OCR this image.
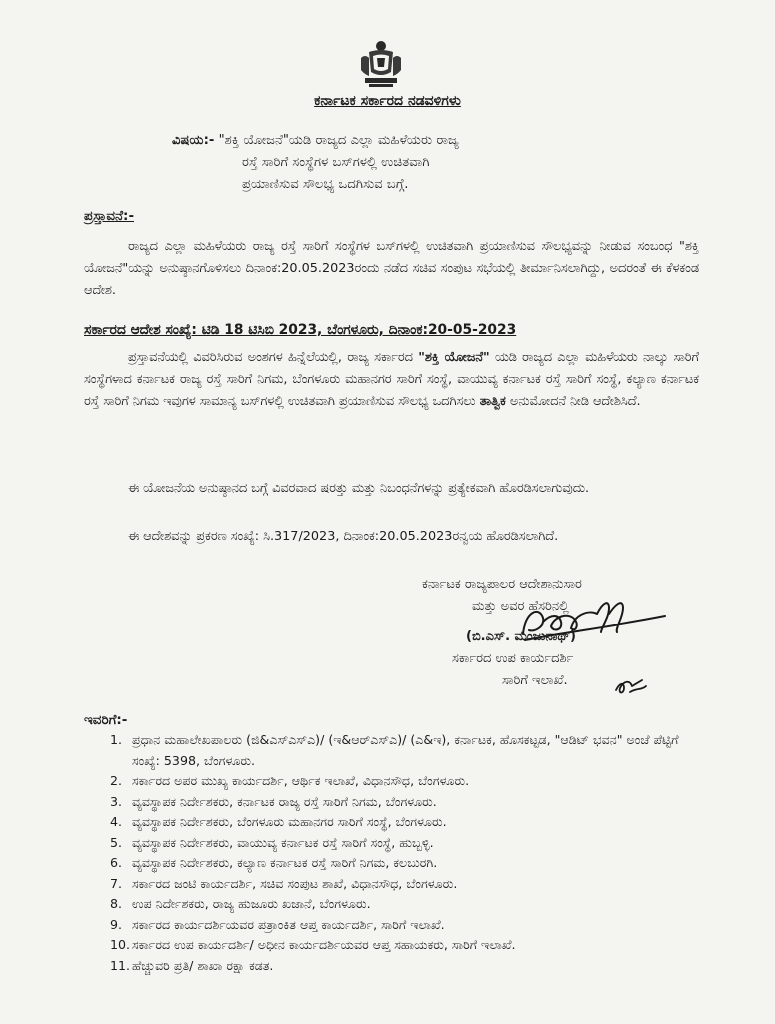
ಕರ್ನಾಟಕ ಸರ್ಕಾರದ ನಡವಳಿಗಳು
ವಿಷಯ:- "ಶಕ್ತಿ ಯೋಜನೆ"ಯಡಿ ರಾಜ್ಯದ ಎಲ್ಲಾ ಮಹಿಳೆಯರು ರಾಜ್ಯ
ರಸ್ತೆ ಸಾರಿಗೆ ಸಂಸ್ಥೆಗಳ ಬಸ್‌ಗಳಲ್ಲಿ ಉಚಿತವಾಗಿ
ಪ್ರಯಾಣಿಸುವ ಸೌಲಭ್ಯ ಒದಗಿಸುವ ಬಗ್ಗೆ.
ಪ್ರಸ್ತಾವನೆ:-
ರಾಜ್ಯದ ಎಲ್ಲಾ ಮಹಿಳೆಯರು ರಾಜ್ಯ ರಸ್ತೆ ಸಾರಿಗೆ ಸಂಸ್ಥೆಗಳ ಬಸ್‌ಗಳಲ್ಲಿ ಉಚಿತವಾಗಿ ಪ್ರಯಾಣಿಸುವ ಸೌಲಭ್ಯವನ್ನು ನೀಡುವ ಸಂಬಂಧ "ಶಕ್ತಿ ಯೋಜನೆ"ಯನ್ನು ಅನುಷ್ಠಾನಗೊಳಿಸಲು ದಿನಾಂಕ:20.05.2023ರಂದು ನಡೆದ ಸಚಿವ ಸಂಪುಟ ಸಭೆಯಲ್ಲಿ ತೀರ್ಮಾನಿಸಲಾಗಿದ್ದು, ಅದರಂತೆ ಈ ಕೆಳಕಂಡ ಆದೇಶ.
ಸರ್ಕಾರದ ಆದೇಶ ಸಂಖ್ಯೆ: ಟಿಡಿ 18 ಟಿಸಿಬಿ 2023, ಬೆಂಗಳೂರು, ದಿನಾಂಕ:20-05-2023
ಪ್ರಸ್ತಾವನೆಯಲ್ಲಿ ವಿವರಿಸಿರುವ ಅಂಶಗಳ ಹಿನ್ನೆಲೆಯಲ್ಲಿ, ರಾಜ್ಯ ಸರ್ಕಾರದ "ಶಕ್ತಿ ಯೋಜನೆ" ಯಡಿ ರಾಜ್ಯದ ಎಲ್ಲಾ ಮಹಿಳೆಯರು ನಾಲ್ಕು ಸಾರಿಗೆ ಸಂಸ್ಥೆಗಳಾದ ಕರ್ನಾಟಕ ರಾಜ್ಯ ರಸ್ತೆ ಸಾರಿಗೆ ನಿಗಮ, ಬೆಂಗಳೂರು ಮಹಾನಗರ ಸಾರಿಗೆ ಸಂಸ್ಥೆ, ವಾಯುವ್ಯ ಕರ್ನಾಟಕ ರಸ್ತೆ ಸಾರಿಗೆ ಸಂಸ್ಥೆ, ಕಲ್ಯಾಣ ಕರ್ನಾಟಕ ರಸ್ತೆ ಸಾರಿಗೆ ನಿಗಮ ಇವುಗಳ ಸಾಮಾನ್ಯ ಬಸ್‌ಗಳಲ್ಲಿ ಉಚಿತವಾಗಿ ಪ್ರಯಾಣಿಸುವ ಸೌಲಭ್ಯ ಒದಗಿಸಲು ತಾತ್ವಿಕ ಅನುಮೋದನೆ ನೀಡಿ ಆದೇಶಿಸಿದೆ.
ಈ ಯೋಜನೆಯ ಅನುಷ್ಠಾನದ ಬಗ್ಗೆ ವಿವರವಾದ ಷರತ್ತು ಮತ್ತು ನಿಬಂಧನೆಗಳನ್ನು ಪ್ರತ್ಯೇಕವಾಗಿ ಹೊರಡಿಸಲಾಗುವುದು.
ಈ ಆದೇಶವನ್ನು ಪ್ರಕರಣ ಸಂಖ್ಯೆ: ಸಿ.317/2023, ದಿನಾಂಕ:20.05.2023ರನ್ವಯ ಹೊರಡಿಸಲಾಗಿದೆ.
ಕರ್ನಾಟಕ ರಾಜ್ಯಪಾಲರ ಆದೇಶಾನುಸಾರ
ಮತ್ತು ಅವರ ಹೆಸರಿನಲ್ಲಿ
(ಬಿ.ಎಸ್. ಮಂಜುನಾಥ್)
ಸರ್ಕಾರದ ಉಪ ಕಾರ್ಯದರ್ಶಿ
ಸಾರಿಗೆ ಇಲಾಖೆ.
ಇವರಿಗೆ:-
1. ಪ್ರಧಾನ ಮಹಾಲೇಖಪಾಲರು (ಜಿ&ಎಸ್‌ಎಸ್‌ಎ)/ (ಇ&ಆರ್‌ಎಸ್‌ಎ)/ (ಎ&ಇ), ಕರ್ನಾಟಕ, ಹೊಸಕಟ್ಟಡ, "ಆಡಿಟ್ ಭವನ" ಅಂಚೆ ಪೆಟ್ಟಿಗೆ ಸಂಖ್ಯೆ: 5398, ಬೆಂಗಳೂರು.
2. ಸರ್ಕಾರದ ಅಪರ ಮುಖ್ಯ ಕಾರ್ಯದರ್ಶಿ, ಆರ್ಥಿಕ ಇಲಾಖೆ, ವಿಧಾನಸೌಧ, ಬೆಂಗಳೂರು.
3. ವ್ಯವಸ್ಥಾಪಕ ನಿರ್ದೇಶಕರು, ಕರ್ನಾಟಕ ರಾಜ್ಯ ರಸ್ತೆ ಸಾರಿಗೆ ನಿಗಮ, ಬೆಂಗಳೂರು.
4. ವ್ಯವಸ್ಥಾಪಕ ನಿರ್ದೇಶಕರು, ಬೆಂಗಳೂರು ಮಹಾನಗರ ಸಾರಿಗೆ ಸಂಸ್ಥೆ, ಬೆಂಗಳೂರು.
5. ವ್ಯವಸ್ಥಾಪಕ ನಿರ್ದೇಶಕರು, ವಾಯುವ್ಯ ಕರ್ನಾಟಕ ರಸ್ತೆ ಸಾರಿಗೆ ಸಂಸ್ಥೆ, ಹುಬ್ಬಳ್ಳಿ.
6. ವ್ಯವಸ್ಥಾಪಕ ನಿರ್ದೇಶಕರು, ಕಲ್ಯಾಣ ಕರ್ನಾಟಕ ರಸ್ತೆ ಸಾರಿಗೆ ನಿಗಮ, ಕಲಬುರಗಿ.
7. ಸರ್ಕಾರದ ಜಂಟಿ ಕಾರ್ಯದರ್ಶಿ, ಸಚಿವ ಸಂಪುಟ ಶಾಖೆ, ವಿಧಾನಸೌಧ, ಬೆಂಗಳೂರು.
8. ಉಪ ನಿರ್ದೇಶಕರು, ರಾಜ್ಯ ಹುಜೂರು ಖಜಾನೆ, ಬೆಂಗಳೂರು.
9. ಸರ್ಕಾರದ ಕಾರ್ಯದರ್ಶಿಯವರ ಪತ್ರಾಂಕಿತ ಆಪ್ತ ಕಾರ್ಯದರ್ಶಿ, ಸಾರಿಗೆ ಇಲಾಖೆ.
10. ಸರ್ಕಾರದ ಉಪ ಕಾರ್ಯದರ್ಶಿ/ ಅಧೀನ ಕಾರ್ಯದರ್ಶಿಯವರ ಆಪ್ತ ಸಹಾಯಕರು, ಸಾರಿಗೆ ಇಲಾಖೆ.
11. ಹೆಚ್ಚುವರಿ ಪ್ರತಿ/ ಶಾಖಾ ರಕ್ಷಾ ಕಡತ.
